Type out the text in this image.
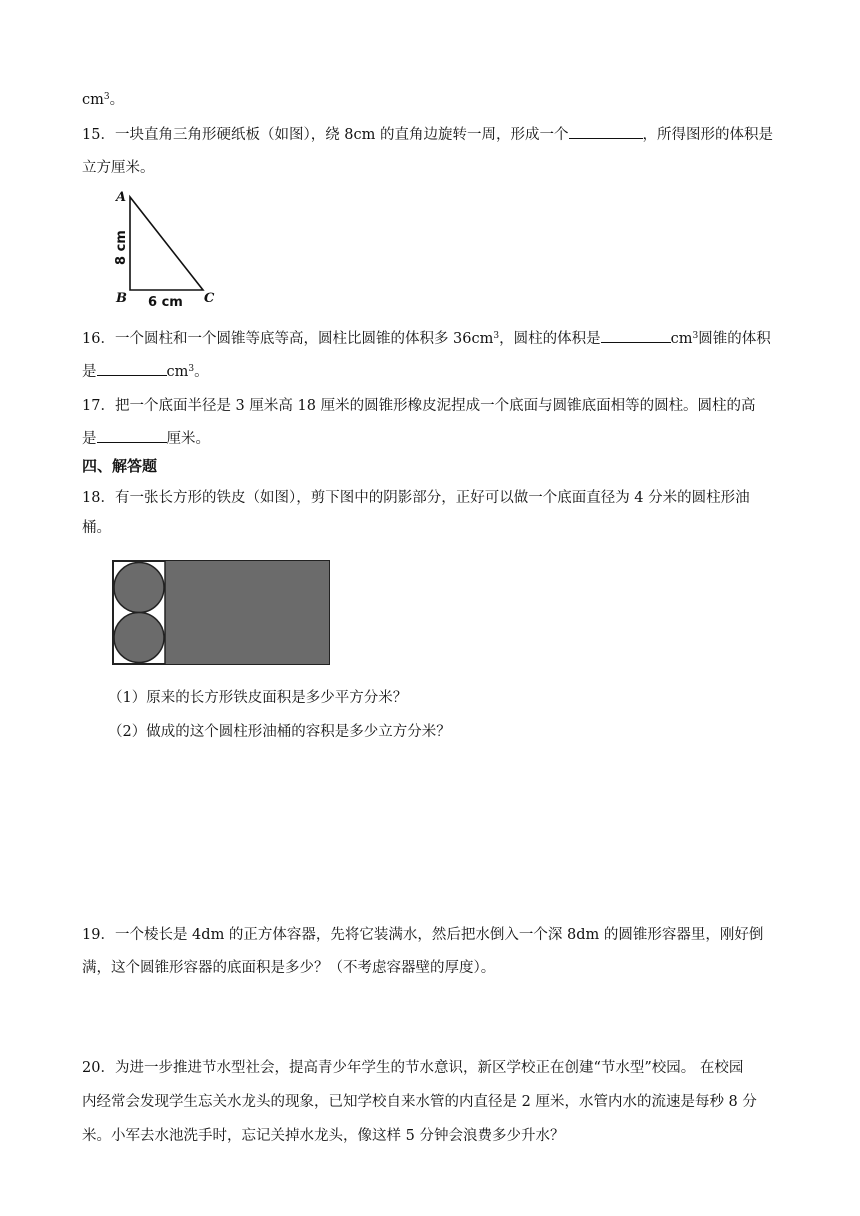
$cm^3$。
15．一块直角三角形硬纸板（如图），绕 8cm 的直角边旋转一周，形成一个	，所得图形的体积是
立方厘米。
A
B	C
8 cm
6 cm
16．一个圆柱和一个圆锥等底等高，圆柱比圆锥的体积多 $36cm^3$，圆柱的体积是	$cm^3$圆锥的体积
是	$cm^3$。
17．把一个底面半径是 3 厘米高 18 厘米的圆锥形橡皮泥捏成一个底面与圆锥底面相等的圆柱。圆柱的高
是	厘米。
四、解答题
18．有一张长方形的铁皮（如图），剪下图中的阴影部分，正好可以做一个底面直径为 4 分米的圆柱形油
桶。
（1）原来的长方形铁皮面积是多少平方分米？
（2）做成的这个圆柱形油桶的容积是多少立方分米？
19．一个棱长是 4dm 的正方体容器，先将它装满水，然后把水倒入一个深 8dm 的圆锥形容器里，刚好倒
满，这个圆锥形容器的底面积是多少？（不考虑容器壁的厚度）。
20．为进一步推进节水型社会，提高青少年学生的节水意识，新区学校正在创建“节水型”校园。 在校园
内经常会发现学生忘关水龙头的现象，已知学校自来水管的内直径是 2 厘米，水管内水的流速是每秒 8 分
米。小军去水池洗手时，忘记关掉水龙头，像这样 5 分钟会浪费多少升水？
